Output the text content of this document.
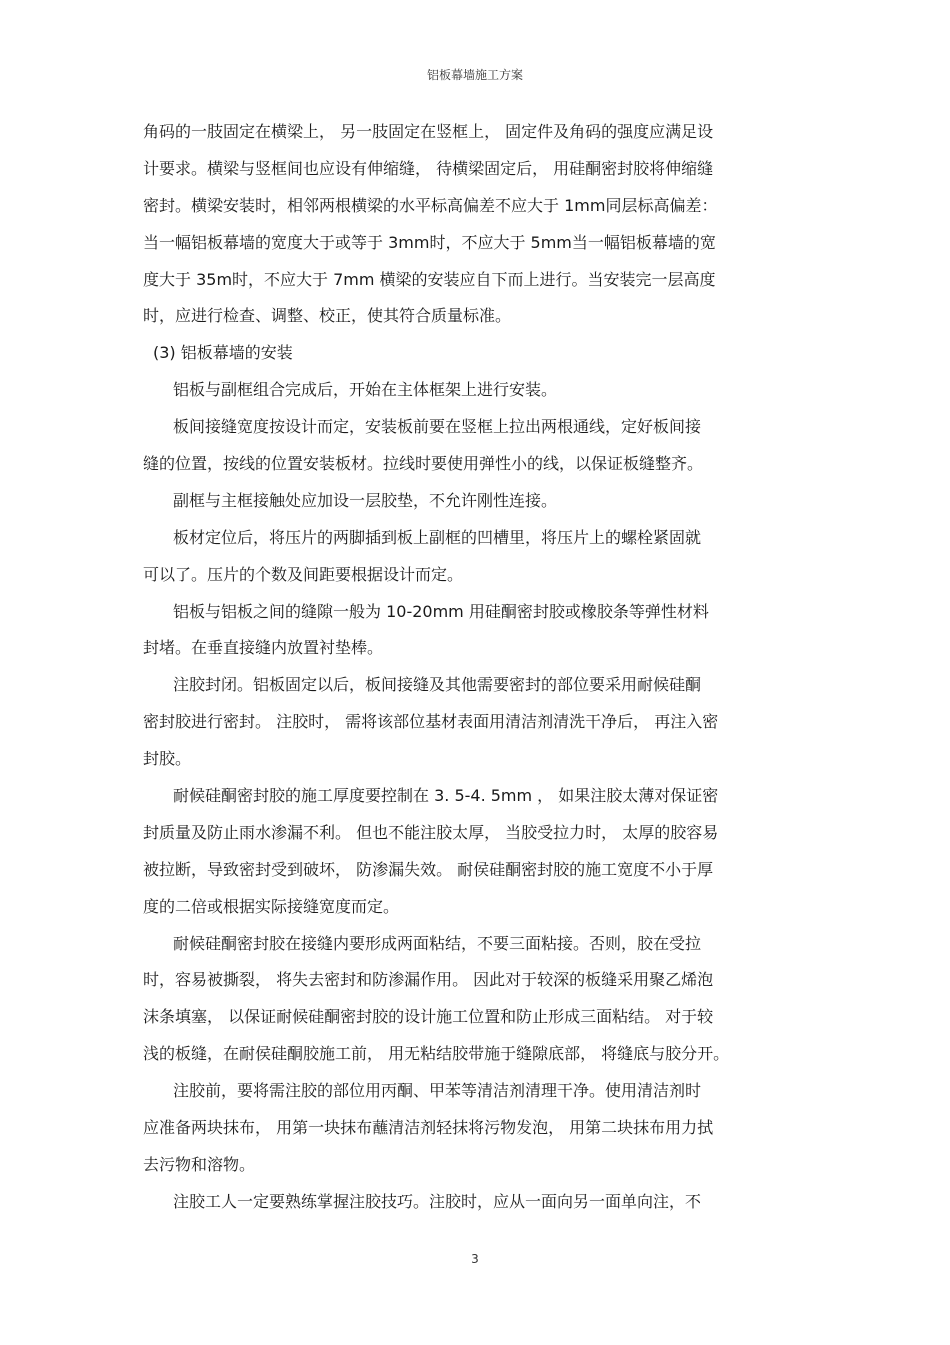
铝板幕墙施工方案
角码的一肢固定在横梁上， 另一肢固定在竖框上， 固定件及角码的强度应满足设
计要求。横梁与竖框间也应设有伸缩缝， 待横梁固定后， 用硅酮密封胶将伸缩缝
密封。横梁安装时，相邻两根横梁的水平标高偏差不应大于 1mm同层标高偏差：
当一幅铝板幕墙的宽度大于或等于 3mm时，不应大于 5mm当一幅铝板幕墙的宽
度大于 35m时，不应大于 7mm 横梁的安装应自下而上进行。当安装完一层高度
时，应进行检查、调整、校正，使其符合质量标准。
(3) 铝板幕墙的安装
铝板与副框组合完成后，开始在主体框架上进行安装。
板间接缝宽度按设计而定，安装板前要在竖框上拉出两根通线，定好板间接
缝的位置，按线的位置安装板材。拉线时要使用弹性小的线，以保证板缝整齐。
副框与主框接触处应加设一层胶垫，不允许刚性连接。
板材定位后，将压片的两脚插到板上副框的凹槽里，将压片上的螺栓紧固就
可以了。压片的个数及间距要根据设计而定。
铝板与铝板之间的缝隙一般为 10-20mm 用硅酮密封胶或橡胶条等弹性材料
封堵。在垂直接缝内放置衬垫棒。
注胶封闭。铝板固定以后，板间接缝及其他需要密封的部位要采用耐候硅酮
密封胶进行密封。 注胶时， 需将该部位基材表面用清洁剂清洗干净后， 再注入密
封胶。
耐候硅酮密封胶的施工厚度要控制在 3. 5-4. 5mm ， 如果注胶太薄对保证密
封质量及防止雨水渗漏不利。 但也不能注胶太厚， 当胶受拉力时， 太厚的胶容易
被拉断，导致密封受到破坏， 防渗漏失效。 耐侯硅酮密封胶的施工宽度不小于厚
度的二倍或根据实际接缝宽度而定。
耐候硅酮密封胶在接缝内要形成两面粘结，不要三面粘接。否则，胶在受拉
时，容易被撕裂， 将失去密封和防渗漏作用。 因此对于较深的板缝采用聚乙烯泡
沫条填塞， 以保证耐候硅酮密封胶的设计施工位置和防止形成三面粘结。 对于较
浅的板缝，在耐侯硅酮胶施工前， 用无粘结胶带施于缝隙底部， 将缝底与胶分开。
注胶前，要将需注胶的部位用丙酮、甲苯等清洁剂清理干净。使用清洁剂时
应准备两块抹布， 用第一块抹布蘸清洁剂轻抹将污物发泡， 用第二块抹布用力拭
去污物和溶物。
注胶工人一定要熟练掌握注胶技巧。注胶时，应从一面向另一面单向注，不
3
